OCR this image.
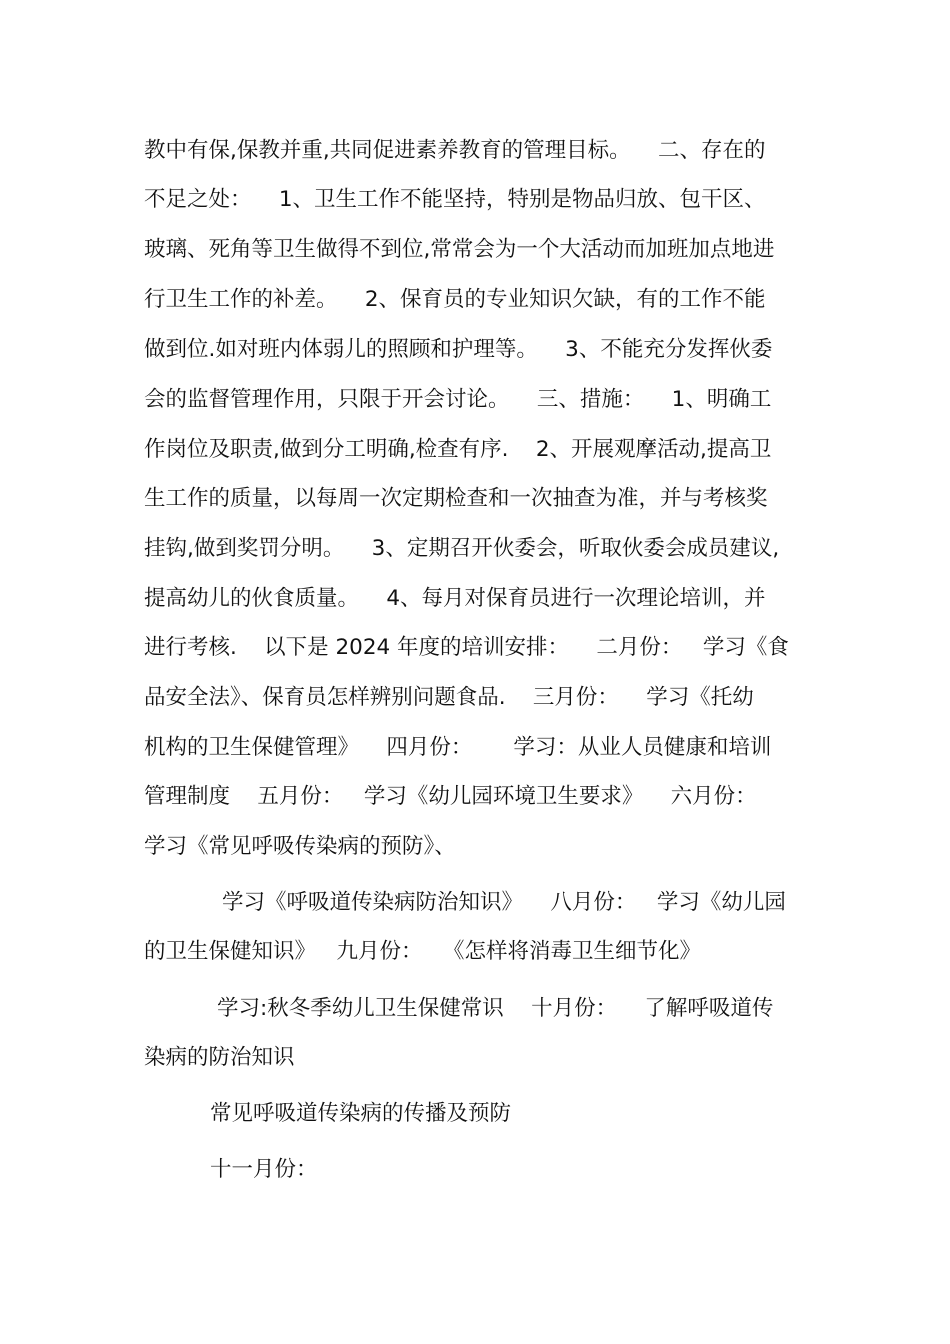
教中有保,保教并重,共同促进素养教育的管理目标。    二、存在的
不足之处：    1、卫生工作不能坚持，特别是物品归放、包干区、
玻璃、死角等卫生做得不到位,常常会为一个大活动而加班加点地进
行卫生工作的补差。    2、保育员的专业知识欠缺，有的工作不能
做到位.如对班内体弱儿的照顾和护理等。    3、不能充分发挥伙委
会的监督管理作用，只限于开会讨论。    三、措施：    1、明确工
作岗位及职责,做到分工明确,检查有序.    2、开展观摩活动,提高卫
生工作的质量，以每周一次定期检查和一次抽查为准，并与考核奖
挂钩,做到奖罚分明。    3、定期召开伙委会，听取伙委会成员建议,
提高幼儿的伙食质量。    4、每月对保育员进行一次理论培训，并
进行考核.    以下是 2024 年度的培训安排：    二月份：   学习《食
品安全法》、保育员怎样辨别问题食品.    三月份：    学习《托幼
机构的卫生保健管理》    四月份：      学习：从业人员健康和培训
管理制度    五月份：   学习《幼儿园环境卫生要求》    六月份：
学习《常见呼吸传染病的预防》、
学习《呼吸道传染病防治知识》    八月份：   学习《幼儿园
的卫生保健知识》   九月份：   《怎样将消毒卫生细节化》
学习:秋冬季幼儿卫生保健常识    十月份：    了解呼吸道传
染病的防治知识
常见呼吸道传染病的传播及预防
十一月份：
